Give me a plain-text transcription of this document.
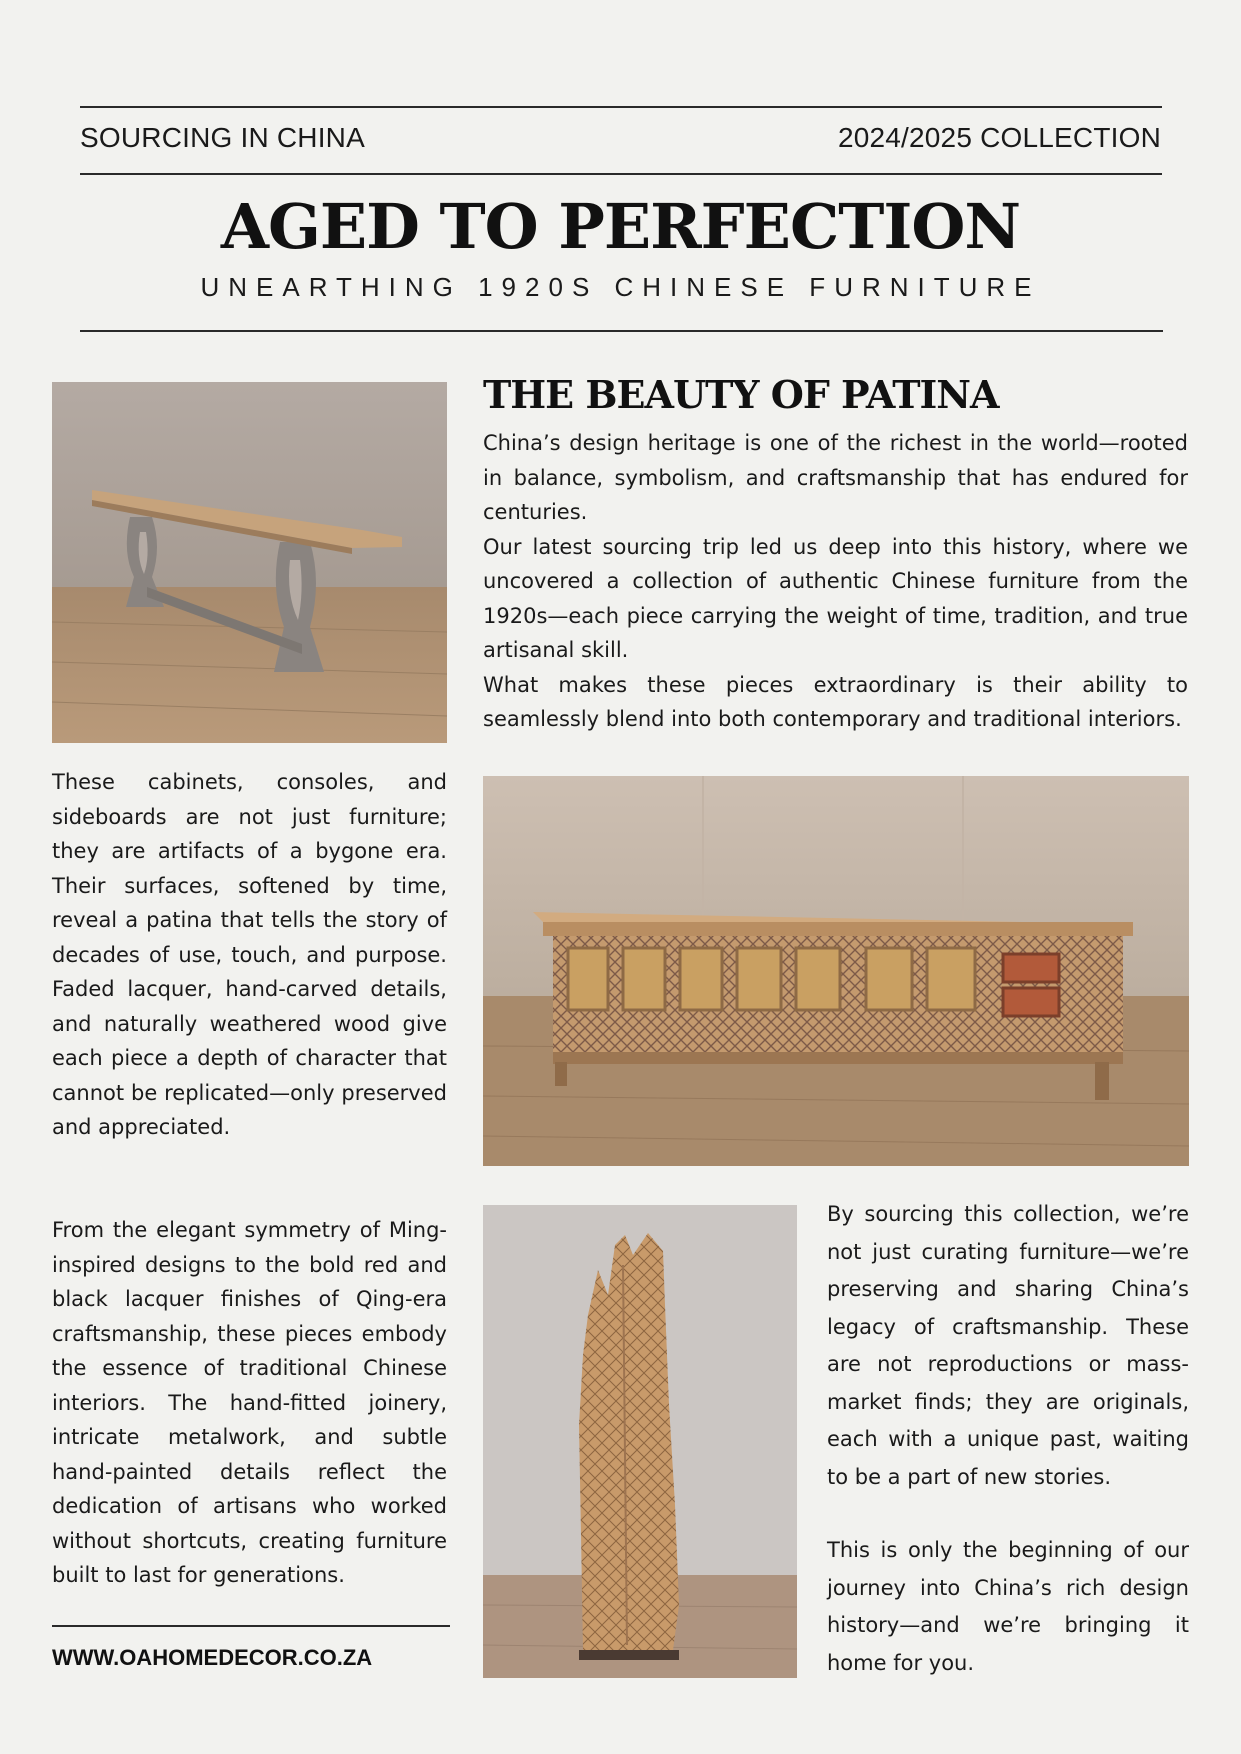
SOURCING IN CHINA	2024/2025 COLLECTION
AGED TO PERFECTION
UNEARTHING 1920S CHINESE FURNITURE
THE BEAUTY OF PATINA

China’s design heritage is one of the richest in the world—rooted in balance, symbolism, and craftsmanship that has endured for centuries.

Our latest sourcing trip led us deep into this history, where we uncovered a collection of authentic Chinese furniture from the 1920s—each piece carrying the weight of time, tradition, and true artisanal skill.

What makes these pieces extraordinary is their ability to seamlessly blend into both contemporary and traditional interiors.

These cabinets, consoles, and sideboards are not just furniture; they are artifacts of a bygone era. Their surfaces, softened by time, reveal a patina that tells the story of decades of use, touch, and purpose. Faded lacquer, hand-carved details, and naturally weathered wood give each piece a depth of character that cannot be replicated—only preserved and appreciated.
From the elegant symmetry of Ming-inspired designs to the bold red and black lacquer finishes of Qing-era craftsmanship, these pieces embody the essence of traditional Chinese interiors. The hand-fitted joinery, intricate metalwork, and subtle hand-painted details reflect the dedication of artisans who worked without shortcuts, creating furniture built to last for generations.
By sourcing this collection, we’re not just curating furniture—we’re preserving and sharing China’s legacy of craftsmanship. These are not reproductions or mass-market finds; they are originals, each with a unique past, waiting to be a part of new stories.
This is only the beginning of our journey into China’s rich design history—and we’re bringing it home for you.
WWW.OAHOMEDECOR.CO.ZA
